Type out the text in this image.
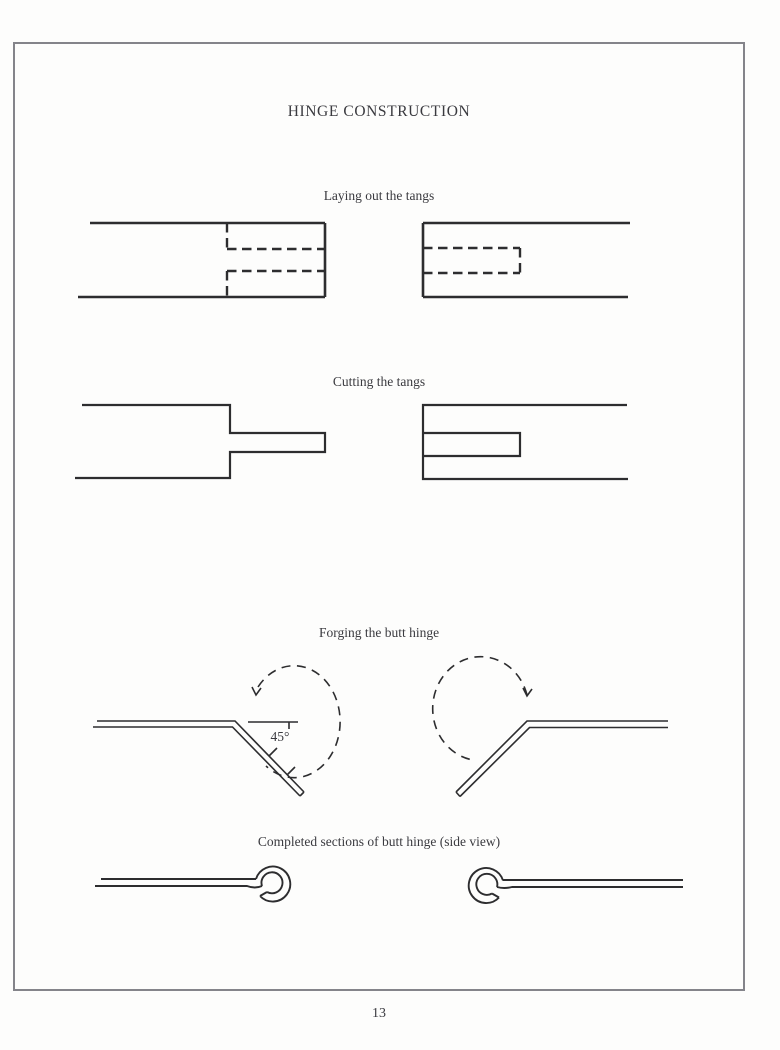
HINGE CONSTRUCTION
Laying out the tangs
Cutting the tangs
Forging the butt hinge
Completed sections of butt hinge (side view)
45°
13
